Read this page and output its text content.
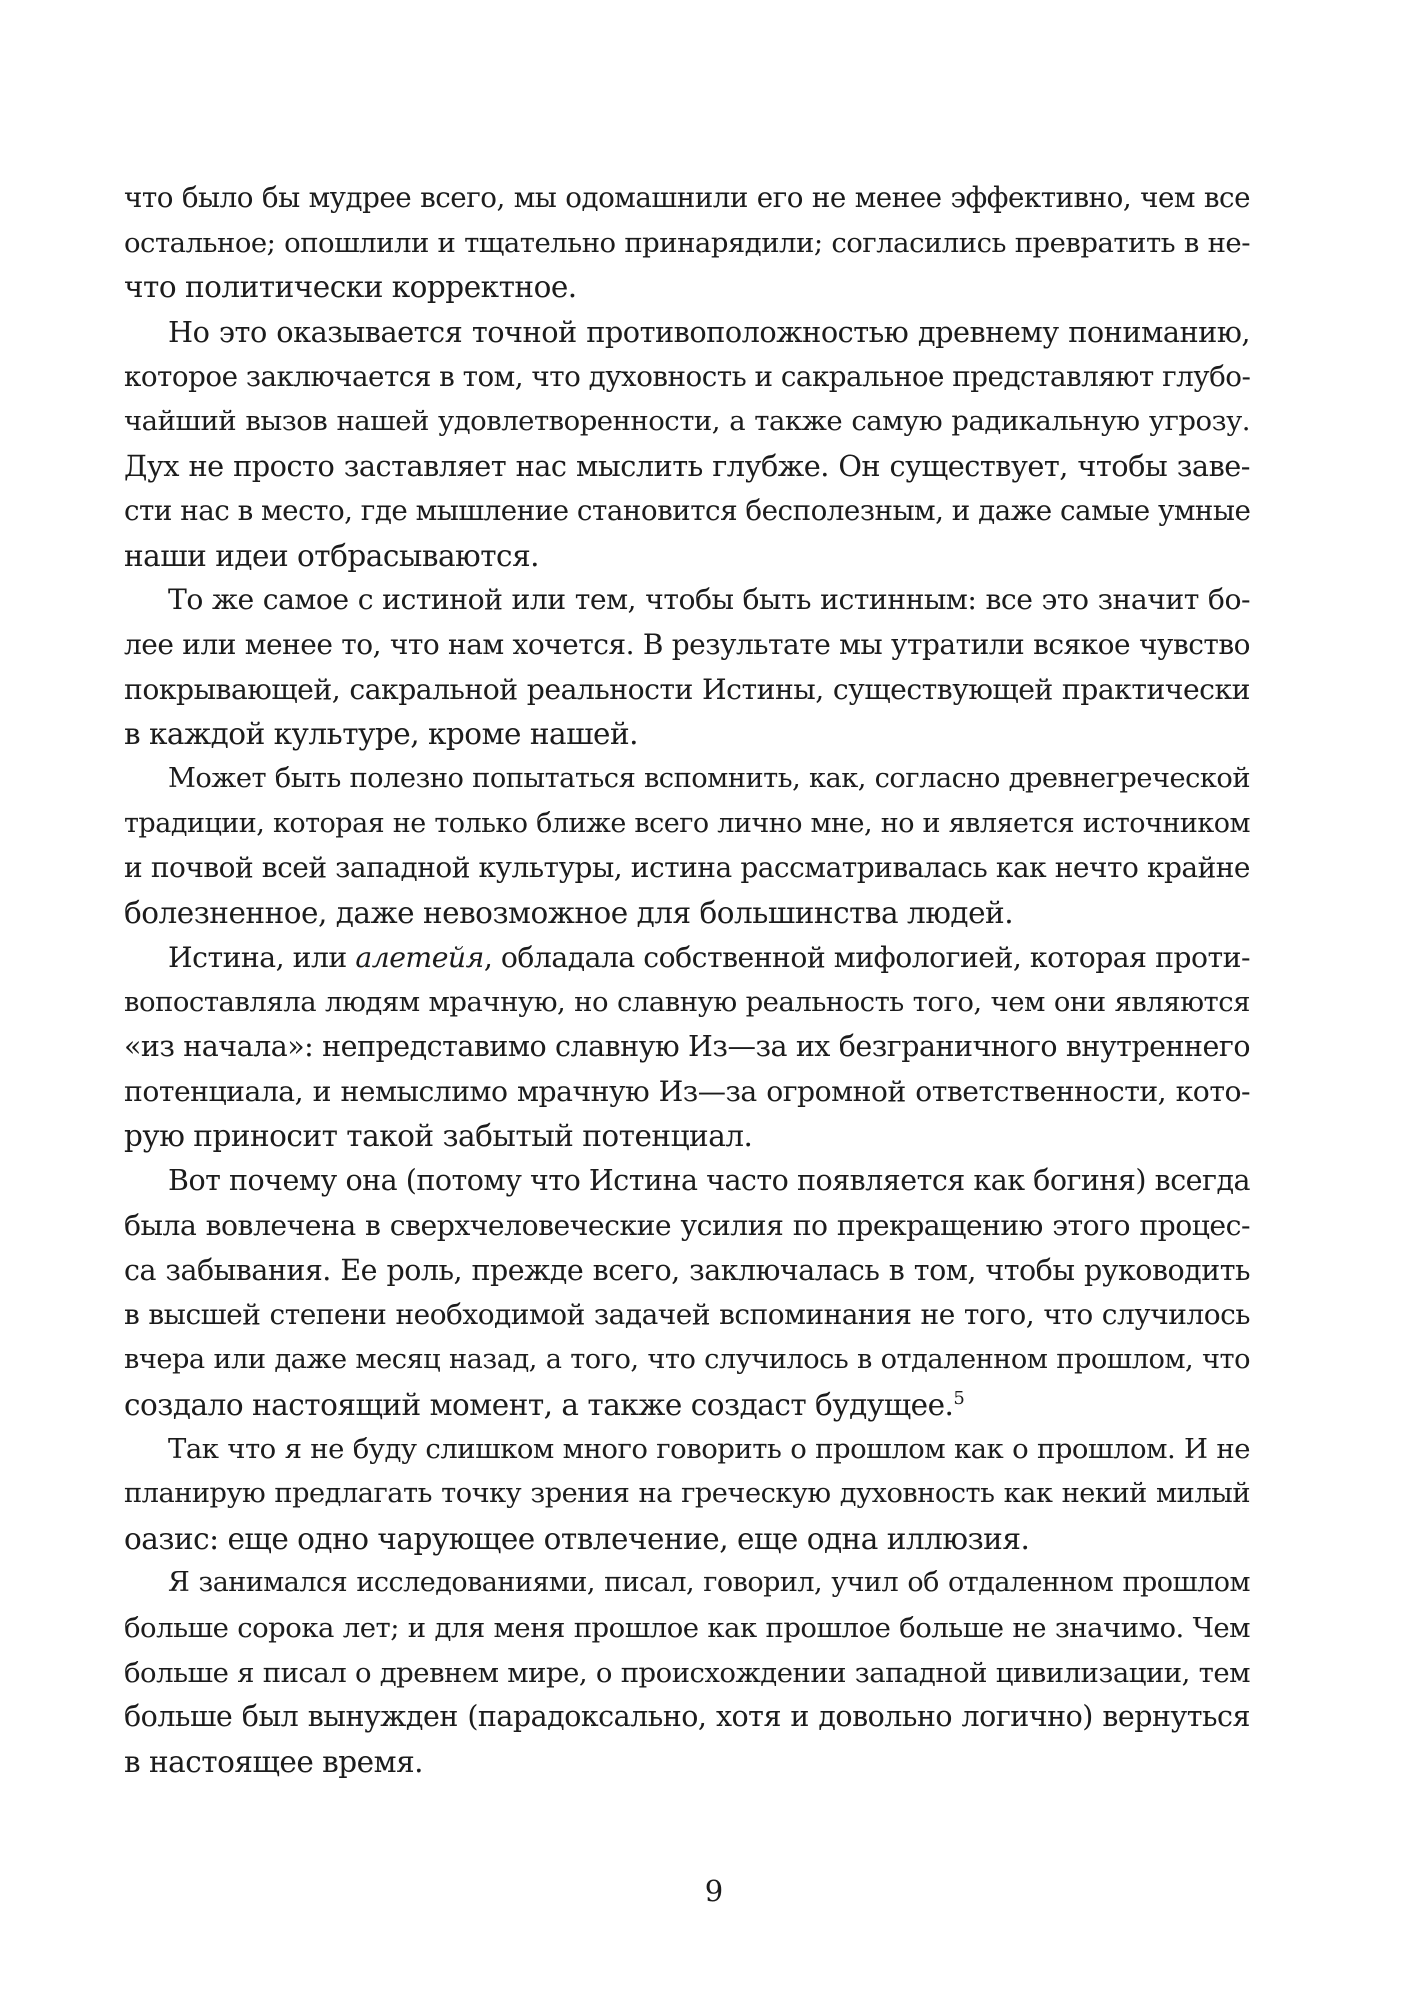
что было бы мудрее всего, мы одомашнили его не менее эффективно, чем все
остальное; опошлили и тщательно принарядили; согласились превратить в не-
что политически корректное.
Но это оказывается точной противоположностью древнему пониманию,
которое заключается в том, что духовность и сакральное представляют глубо-
чайший вызов нашей удовлетворенности, а также самую радикальную угрозу.
Дух не просто заставляет нас мыслить глубже. Он существует, чтобы заве-
сти нас в место, где мышление становится бесполезным, и даже самые умные
наши идеи отбрасываются.
То же самое с истиной или тем, чтобы быть истинным: все это значит бо-
лее или менее то, что нам хочется. В результате мы утратили всякое чувство
покрывающей, сакральной реальности Истины, существующей практически
в каждой культуре, кроме нашей.
Может быть полезно попытаться вспомнить, как, согласно древнегреческой
традиции, которая не только ближе всего лично мне, но и является источником
и почвой всей западной культуры, истина рассматривалась как нечто крайне
болезненное, даже невозможное для большинства людей.
Истина, или алетейя, обладала собственной мифологией, которая проти-
вопоставляла людям мрачную, но славную реальность того, чем они являются
«из начала»: непредставимо славную Из—за их безграничного внутреннего
потенциала, и немыслимо мрачную Из—за огромной ответственности, кото-
рую приносит такой забытый потенциал.
Вот почему она (потому что Истина часто появляется как богиня) всегда
была вовлечена в сверхчеловеческие усилия по прекращению этого процес-
са забывания. Ее роль, прежде всего, заключалась в том, чтобы руководить
в высшей степени необходимой задачей вспоминания не того, что случилось
вчера или даже месяц назад, а того, что случилось в отдаленном прошлом, что
создало настоящий момент, а также создаст будущее.$^5$
Так что я не буду слишком много говорить о прошлом как о прошлом. И не
планирую предлагать точку зрения на греческую духовность как некий милый
оазис: еще одно чарующее отвлечение, еще одна иллюзия.
Я занимался исследованиями, писал, говорил, учил об отдаленном прошлом
больше сорока лет; и для меня прошлое как прошлое больше не значимо. Чем
больше я писал о древнем мире, о происхождении западной цивилизации, тем
больше был вынужден (парадоксально, хотя и довольно логично) вернуться
в настоящее время.
9
